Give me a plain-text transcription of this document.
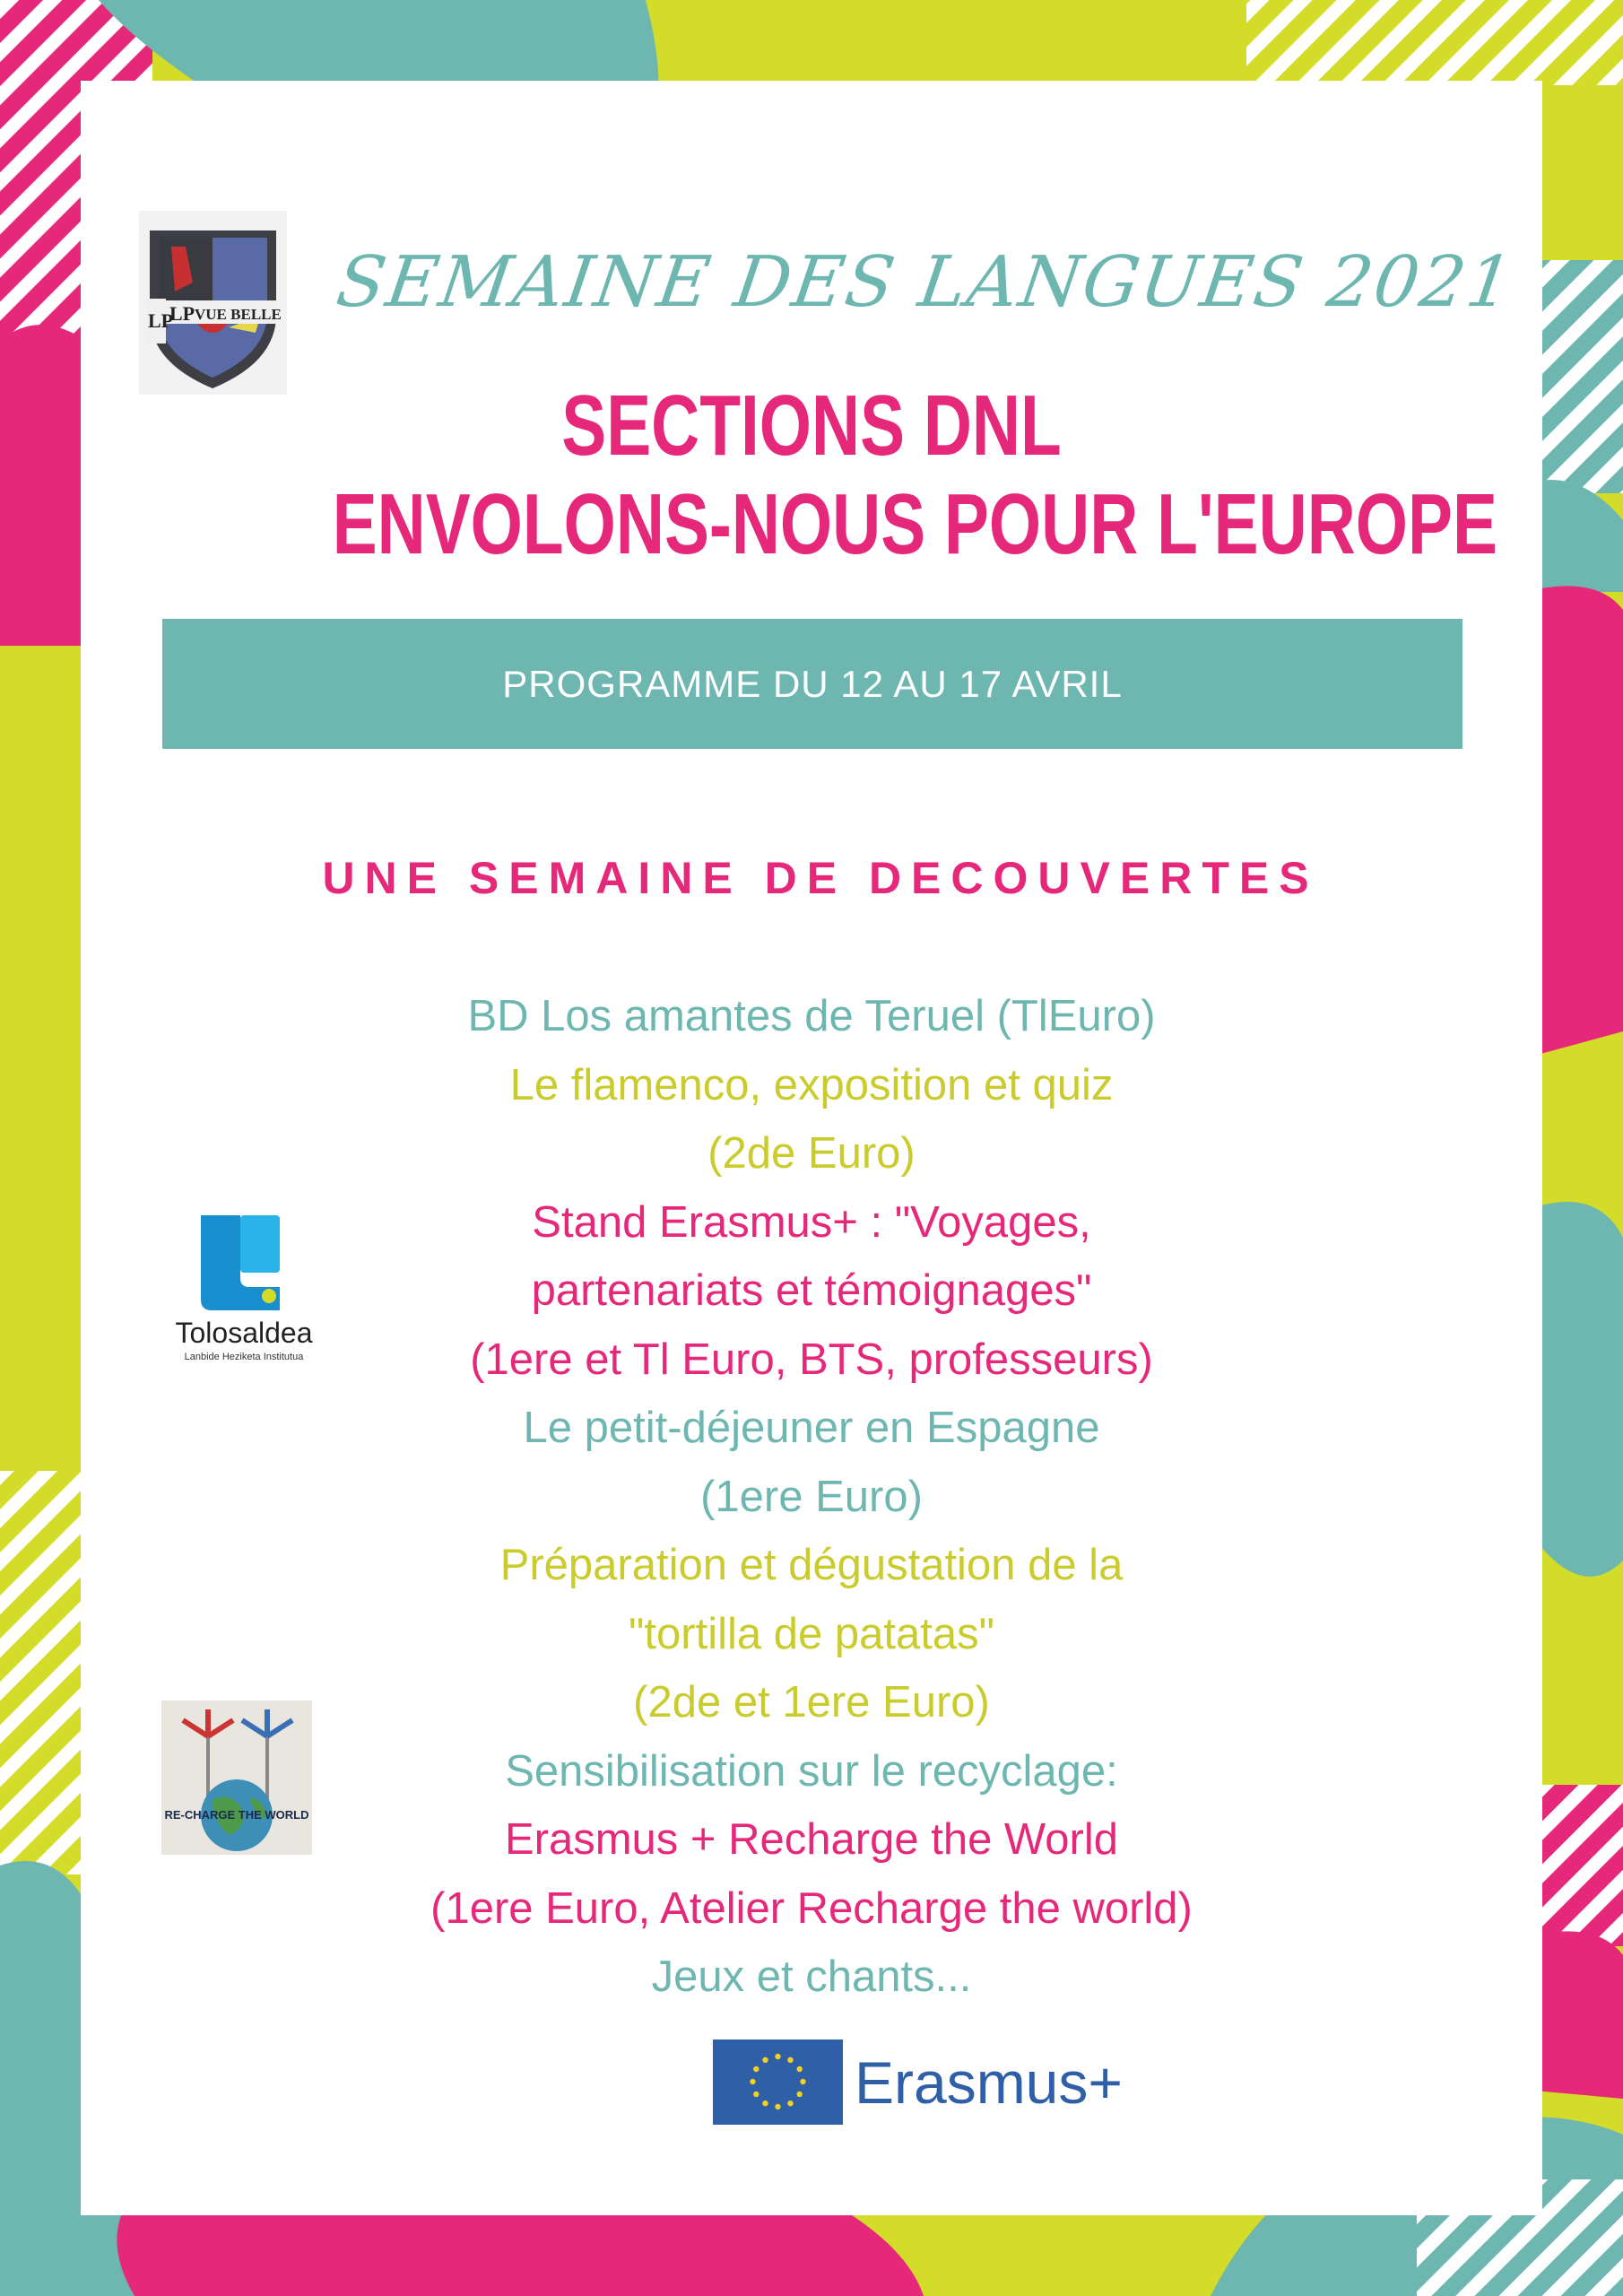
LP VUE BELLE
LP SEMAINE DES LANGUES 2021
SECTIONS DNL
ENVOLONS-NOUS POUR L'EUROPE
PROGRAMME DU 12 AU 17 AVRIL
UNE SEMAINE DE DECOUVERTES
BD Los amantes de Teruel (TlEuro)
Le flamenco, exposition et quiz
(2de Euro)
Stand Erasmus+ : "Voyages,
partenariats et témoignages"
(1ere et Tl Euro, BTS, professeurs)
Le petit-déjeuner en Espagne
(1ere Euro)
Préparation et dégustation de la
"tortilla de patatas"
(2de et 1ere Euro)
Sensibilisation sur le recyclage:
Erasmus + Recharge the World
(1ere Euro, Atelier Recharge the world)
Jeux et chants...
Tolosaldea
Lanbide Heziketa Institutua
RE-CHARGE THE WORLD
Erasmus+
